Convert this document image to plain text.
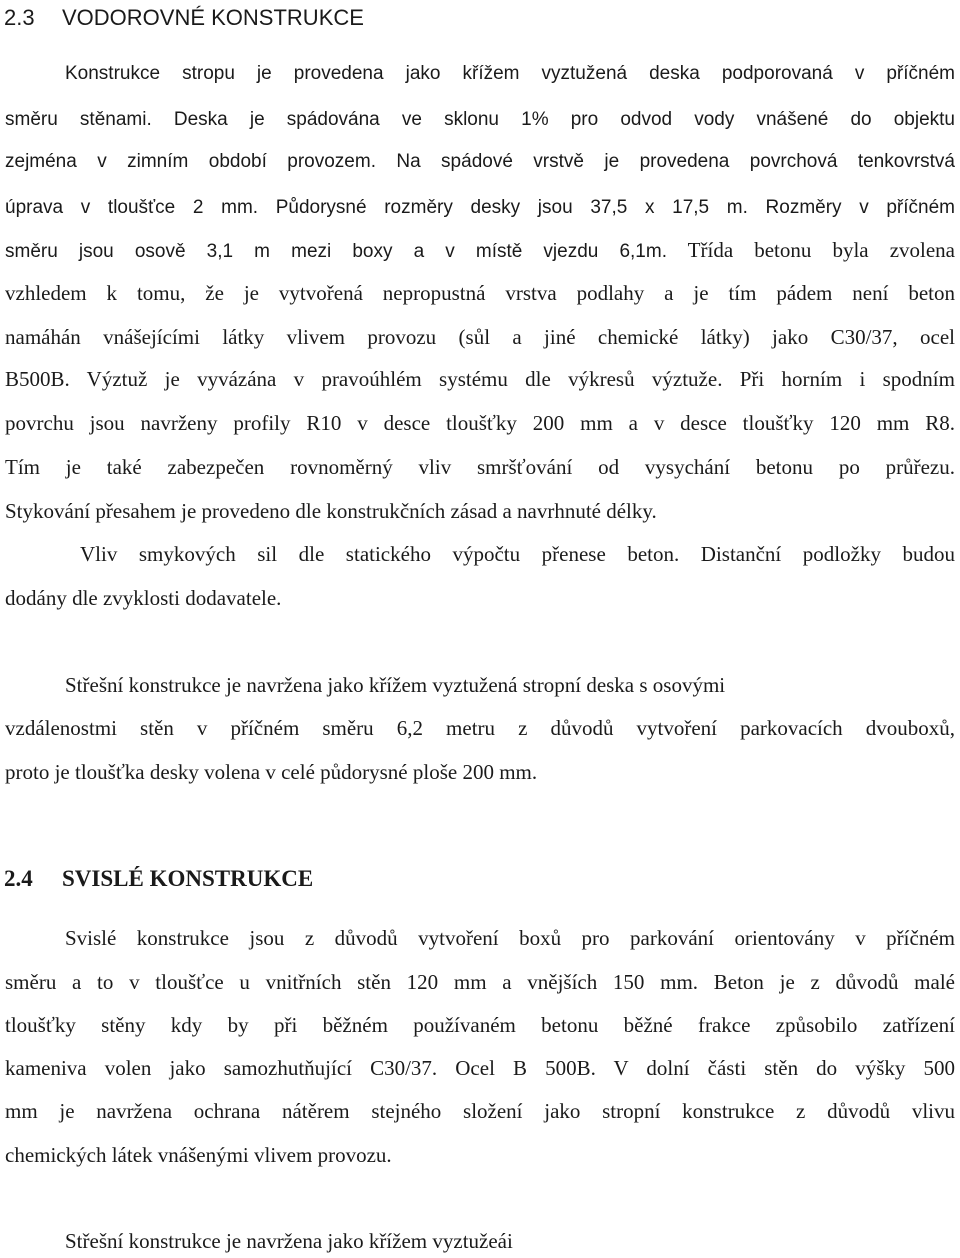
2.3 VODOROVNÉ KONSTRUKCE
Konstrukce stropu je provedena jako křížem vyztužená deska podporovaná v příčném
směru stěnami. Deska je spádována ve sklonu 1% pro odvod vody vnášené do objektu
zejména v zimním období provozem. Na spádové vrstvě je provedena povrchová tenkovrstvá
úprava v tloušťce 2 mm. Půdorysné rozměry desky jsou 37,5 x 17,5 m. Rozměry v příčném
směru jsou osově 3,1 m mezi boxy a v místě vjezdu 6,1m. Třída betonu byla zvolena
vzhledem k tomu, že je vytvořená nepropustná vrstva podlahy a je tím pádem není beton
namáhán vnášejícími látky vlivem provozu (sůl a jiné chemické látky) jako C30/37, ocel
B500B. Výztuž je vyvázána v pravoúhlém systému dle výkresů výztuže. Při horním i spodním
povrchu jsou navrženy profily R10 v desce tloušťky 200 mm a v desce tloušťky 120 mm R8.
Tím je také zabezpečen rovnoměrný vliv smršťování od vysychání betonu po průřezu.
Stykování přesahem je provedeno dle konstrukčních zásad a navrhnuté délky.
Vliv smykových sil dle statického výpočtu přenese beton. Distanční podložky budou
dodány dle zvyklosti dodavatele.
Střešní konstrukce je navržena jako křížem vyztužená stropní deska s osovými
vzdálenostmi stěn v příčném směru 6,2 metru z důvodů vytvoření parkovacích dvouboxů,
proto je tloušťka desky volena v celé půdorysné ploše 200 mm.
2.4 SVISLÉ KONSTRUKCE
Svislé konstrukce jsou z důvodů vytvoření boxů pro parkování orientovány v příčném
směru a to v tloušťce u vnitřních stěn 120 mm a vnějších 150 mm. Beton je z důvodů malé
tloušťky stěny kdy by při běžném používaném betonu běžné frakce způsobilo zatřízení
kameniva volen jako samozhutňující C30/37. Ocel B 500B. V dolní části stěn do výšky 500
mm je navržena ochrana nátěrem stejného složení jako stropní konstrukce z důvodů vlivu
chemických látek vnášenými vlivem provozu.
Střešní konstrukce je navržena jako křížem vyztužeái
